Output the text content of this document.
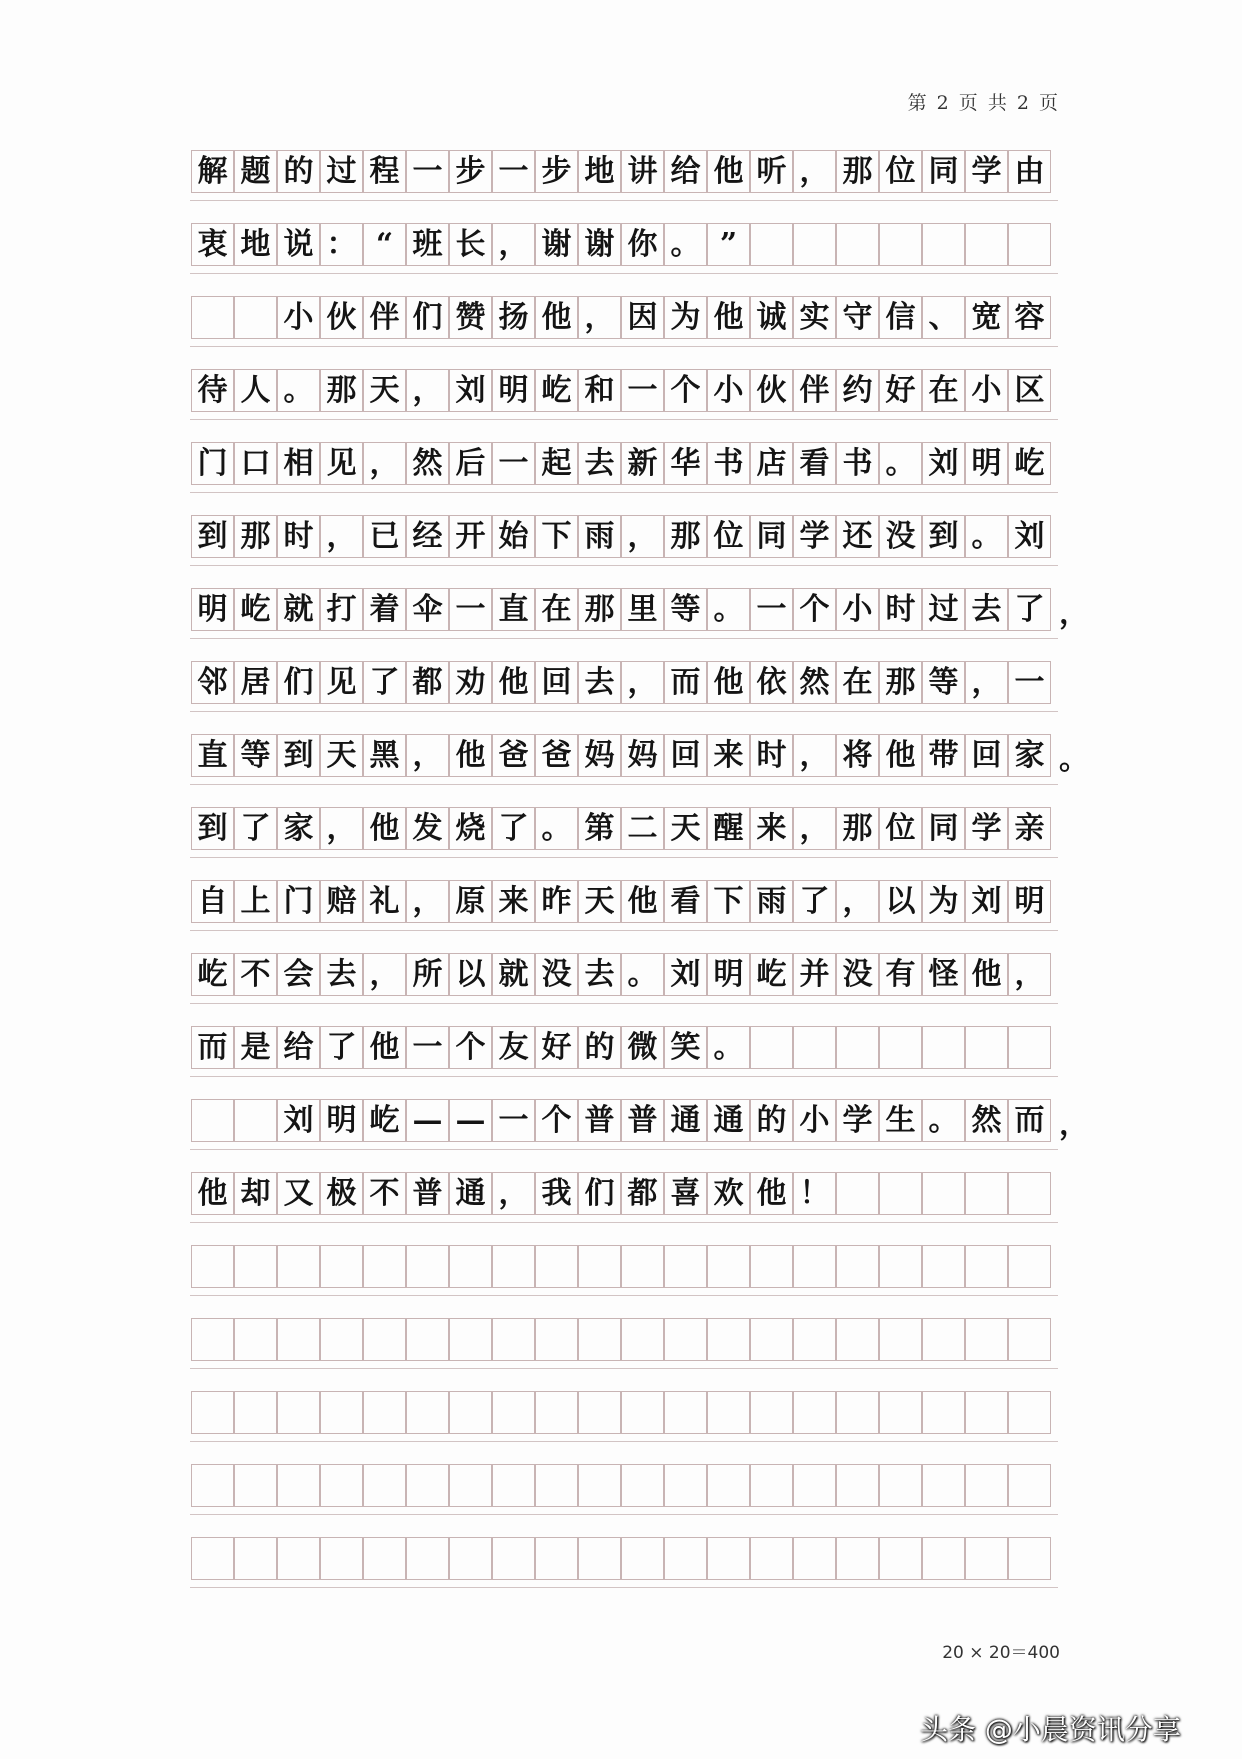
第 2 页 共 2 页
解 题 的 过 程 一 步 一 步 地 讲 给 他 听 ， 那 位 同 学 由
衷 地 说 ： “ 班 长 ， 谢 谢 你 。 ”
小 伙 伴 们 赞 扬 他 ， 因 为 他 诚 实 守 信 、 宽 容
待 人 。 那 天 ， 刘 明 屹 和 一 个 小 伙 伴 约 好 在 小 区
门 口 相 见 ， 然 后 一 起 去 新 华 书 店 看 书 。 刘 明 屹
到 那 时 ， 已 经 开 始 下 雨 ， 那 位 同 学 还 没 到 。 刘
明 屹 就 打 着 伞 一 直 在 那 里 等 。 一 个 小 时 过 去 了 ，
邻 居 们 见 了 都 劝 他 回 去 ， 而 他 依 然 在 那 等 ， 一
直 等 到 天 黑 ， 他 爸 爸 妈 妈 回 来 时 ， 将 他 带 回 家 。
到 了 家 ， 他 发 烧 了 。 第 二 天 醒 来 ， 那 位 同 学 亲
自 上 门 赔 礼 ， 原 来 昨 天 他 看 下 雨 了 ， 以 为 刘 明
屹 不 会 去 ， 所 以 就 没 去 。 刘 明 屹 并 没 有 怪 他 ，
而 是 给 了 他 一 个 友 好 的 微 笑 。
刘 明 屹 — — 一 个 普 普 通 通 的 小 学 生 。 然 而 ，
他 却 又 极 不 普 通 ， 我 们 都 喜 欢 他 ！
20 × 20＝400
头条 @小晨资讯分享
